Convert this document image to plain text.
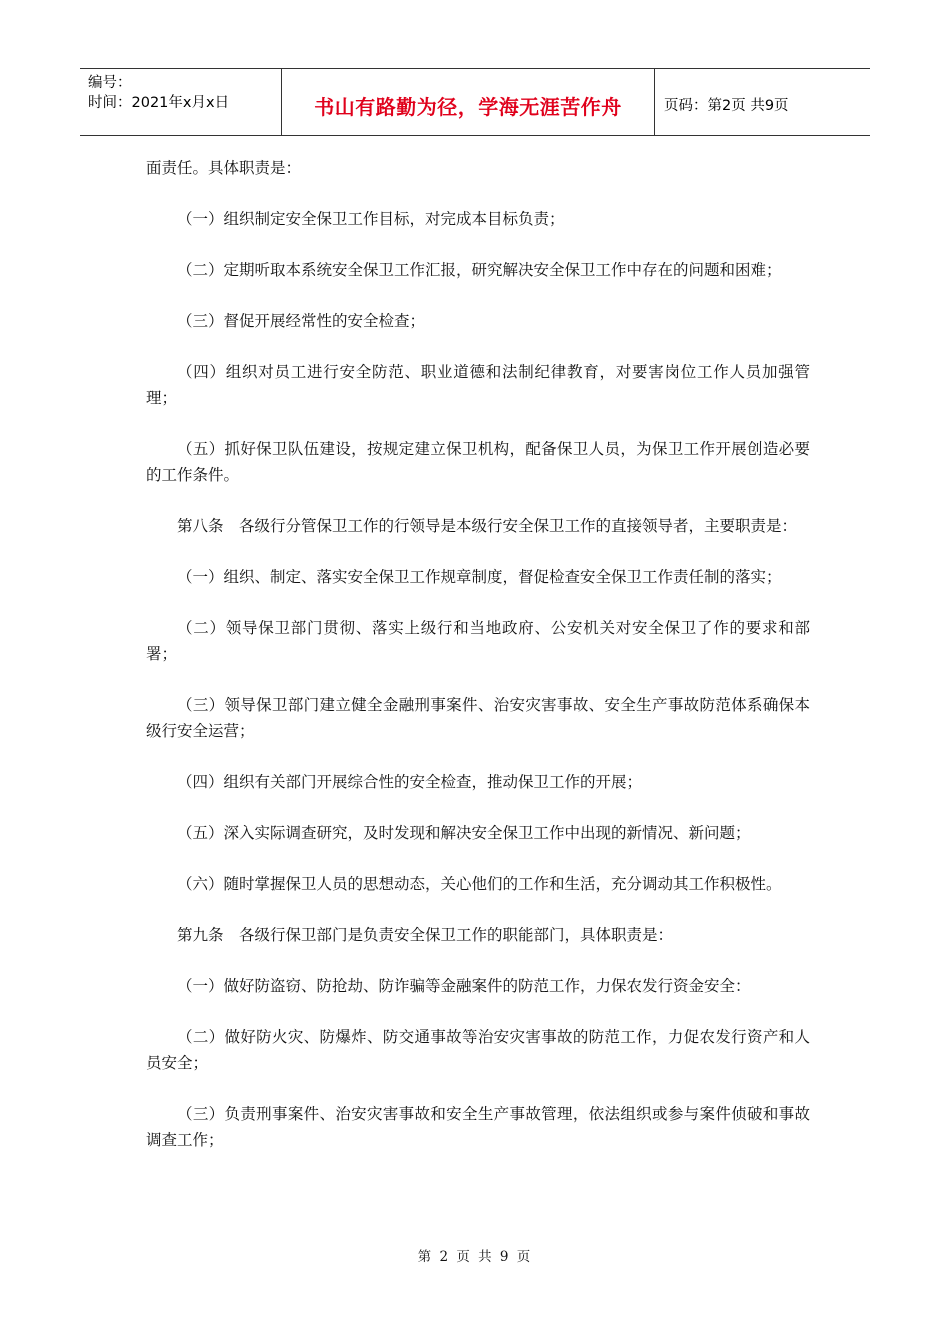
编号：
时间：2021年x月x日	书山有路勤为径，学海无涯苦作舟	页码：第2页 共9页

面责任。具体职责是：

（一）组织制定安全保卫工作目标，对完成本目标负责；

（二）定期听取本系统安全保卫工作汇报，研究解决安全保卫工作中存在的问题和困难；

（三）督促开展经常性的安全检查；

（四）组织对员工进行安全防范、职业道德和法制纪律教育，对要害岗位工作人员加强管理；

（五）抓好保卫队伍建设，按规定建立保卫机构，配备保卫人员，为保卫工作开展创造必要的工作条件。

第八条　各级行分管保卫工作的行领导是本级行安全保卫工作的直接领导者，主要职责是：

（一）组织、制定、落实安全保卫工作规章制度，督促检查安全保卫工作责任制的落实；

（二）领导保卫部门贯彻、落实上级行和当地政府、公安机关对安全保卫了作的要求和部署；

（三）领导保卫部门建立健全金融刑事案件、治安灾害事故、安全生产事故防范体系确保本级行安全运营；

（四）组织有关部门开展综合性的安全检查，推动保卫工作的开展；

（五）深入实际调查研究，及时发现和解决安全保卫工作中出现的新情况、新问题；

（六）随时掌握保卫人员的思想动态，关心他们的工作和生活，充分调动其工作积极性。

第九条　各级行保卫部门是负责安全保卫工作的职能部门，具体职责是：

（一）做好防盗窃、防抢劫、防诈骗等金融案件的防范工作，力保农发行资金安全：

（二）做好防火灾、防爆炸、防交通事故等治安灾害事故的防范工作，力促农发行资产和人员安全；

（三）负责刑事案件、治安灾害事故和安全生产事故管理，依法组织或参与案件侦破和事故调查工作；

第 2 页 共 9 页
